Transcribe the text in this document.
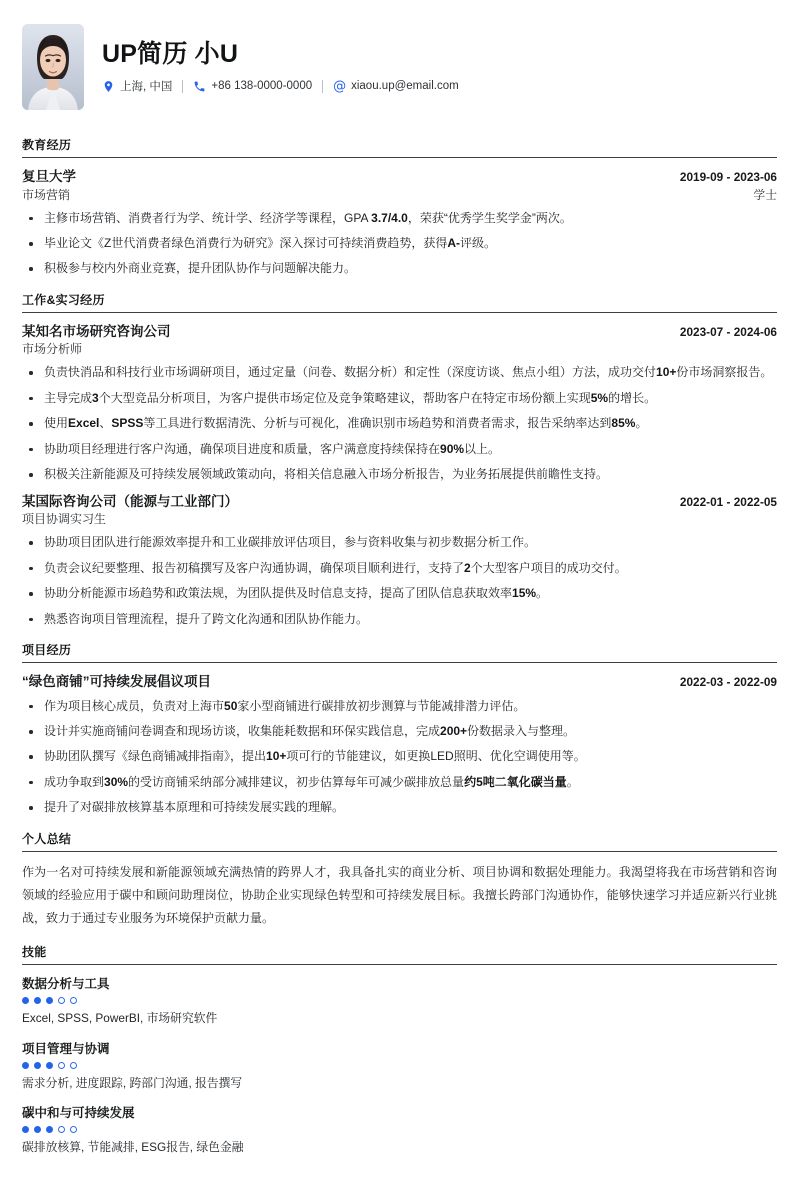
UP简历 小U
上海, 中国	+86 138-0000-0000 @ xiaou.up@email.com
教育经历
复旦大学	2019-09 - 2023-06
市场营销	学士
主修市场营销、消费者行为学、统计学、经济学等课程，GPA 3.7/4.0，荣获“优秀学生奖学金”两次。
毕业论文《Z世代消费者绿色消费行为研究》深入探讨可持续消费趋势，获得A-评级。
积极参与校内外商业竞赛，提升团队协作与问题解决能力。
工作&实习经历
某知名市场研究咨询公司	2023-07 - 2024-06
市场分析师
负责快消品和科技行业市场调研项目，通过定量（问卷、数据分析）和定性（深度访谈、焦点小组）方法，成功交付10+份市场洞察报告。
主导完成3个大型竞品分析项目，为客户提供市场定位及竞争策略建议，帮助客户在特定市场份额上实现5%的增长。
使用Excel、SPSS等工具进行数据清洗、分析与可视化，准确识别市场趋势和消费者需求，报告采纳率达到85%。
协助项目经理进行客户沟通，确保项目进度和质量，客户满意度持续保持在90%以上。
积极关注新能源及可持续发展领域政策动向，将相关信息融入市场分析报告，为业务拓展提供前瞻性支持。
某国际咨询公司（能源与工业部门）	2022-01 - 2022-05
项目协调实习生
协助项目团队进行能源效率提升和工业碳排放评估项目，参与资料收集与初步数据分析工作。
负责会议纪要整理、报告初稿撰写及客户沟通协调，确保项目顺利进行，支持了2个大型客户项目的成功交付。
协助分析能源市场趋势和政策法规，为团队提供及时信息支持，提高了团队信息获取效率15%。
熟悉咨询项目管理流程，提升了跨文化沟通和团队协作能力。
项目经历
“绿色商铺”可持续发展倡议项目	2022-03 - 2022-09
作为项目核心成员，负责对上海市50家小型商铺进行碳排放初步测算与节能减排潜力评估。
设计并实施商铺问卷调查和现场访谈，收集能耗数据和环保实践信息，完成200+份数据录入与整理。
协助团队撰写《绿色商铺减排指南》，提出10+项可行的节能建议，如更换LED照明、优化空调使用等。
成功争取到30%的受访商铺采纳部分减排建议，初步估算每年可减少碳排放总量约5吨二氧化碳当量。
提升了对碳排放核算基本原理和可持续发展实践的理解。
个人总结
作为一名对可持续发展和新能源领域充满热情的跨界人才，我具备扎实的商业分析、项目协调和数据处理能力。我渴望将我在市场营销和咨询领域的经验应用于碳中和顾问助理岗位，协助企业实现绿色转型和可持续发展目标。我擅长跨部门沟通协作，能够快速学习并适应新兴行业挑战，致力于通过专业服务为环境保护贡献力量。
技能
数据分析与工具
Excel, SPSS, PowerBI, 市场研究软件
项目管理与协调
需求分析, 进度跟踪, 跨部门沟通, 报告撰写
碳中和与可持续发展
碳排放核算, 节能减排, ESG报告, 绿色金融
